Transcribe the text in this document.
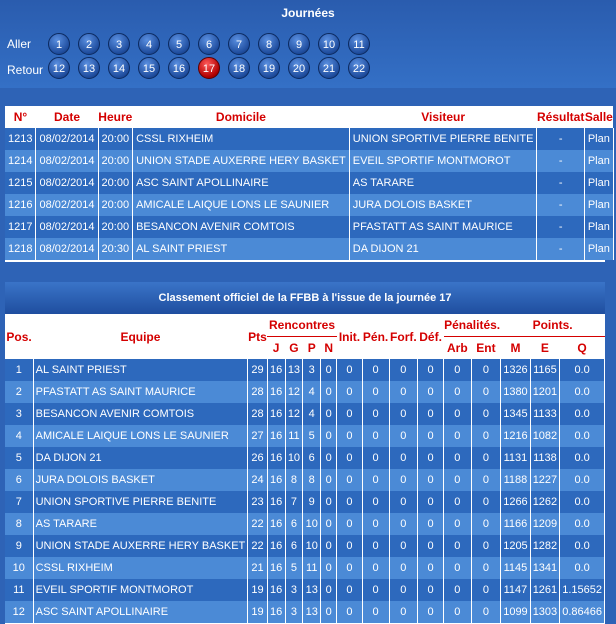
Journées
Aller
Retour
1	2	3	4	5	6	7	8	9	10	11
12	13	14	15	16	17	18	19	20	21	22
N°	Date	Heure	Domicile	Visiteur	Résultat	Salle
1213	08/02/2014	20:00	CSSL RIXHEIM	UNION SPORTIVE PIERRE BENITE	-	Plan
1214	08/02/2014	20:00	UNION STADE AUXERRE HERY BASKET	EVEIL SPORTIF MONTMOROT	-	Plan
1215	08/02/2014	20:00	ASC SAINT APOLLINAIRE	AS TARARE	-	Plan
1216	08/02/2014	20:00	AMICALE LAIQUE LONS LE SAUNIER	JURA DOLOIS BASKET	-	Plan
1217	08/02/2014	20:00	BESANCON AVENIR COMTOIS	PFASTATT AS SAINT MAURICE	-	Plan
1218	08/02/2014	20:30	AL SAINT PRIEST	DA DIJON 21	-	Plan
Classement officiel de la FFBB à l'issue de la journée 17
Pos.	Equipe	Pts	Rencontres				Init.	Pén.	Forf.	Déf.	Pénalités.		Points.		
			J	G	P	N					Arb	Ent	M	E	Q
1	AL SAINT PRIEST	29	16	13	3	0	0	0	0	0	0	0	1326	1165	0.0
2	PFASTATT AS SAINT MAURICE	28	16	12	4	0	0	0	0	0	0	0	1380	1201	0.0
3	BESANCON AVENIR COMTOIS	28	16	12	4	0	0	0	0	0	0	0	1345	1133	0.0
4	AMICALE LAIQUE LONS LE SAUNIER	27	16	11	5	0	0	0	0	0	0	0	1216	1082	0.0
5	DA DIJON 21	26	16	10	6	0	0	0	0	0	0	0	1131	1138	0.0
6	JURA DOLOIS BASKET	24	16	8	8	0	0	0	0	0	0	0	1188	1227	0.0
7	UNION SPORTIVE PIERRE BENITE	23	16	7	9	0	0	0	0	0	0	0	1266	1262	0.0
8	AS TARARE	22	16	6	10	0	0	0	0	0	0	0	1166	1209	0.0
9	UNION STADE AUXERRE HERY BASKET	22	16	6	10	0	0	0	0	0	0	0	1205	1282	0.0
10	CSSL RIXHEIM	21	16	5	11	0	0	0	0	0	0	0	1145	1341	0.0
11	EVEIL SPORTIF MONTMOROT	19	16	3	13	0	0	0	0	0	0	0	1147	1261	1.15652
12	ASC SAINT APOLLINAIRE	19	16	3	13	0	0	0	0	0	0	0	1099	1303	0.86466
